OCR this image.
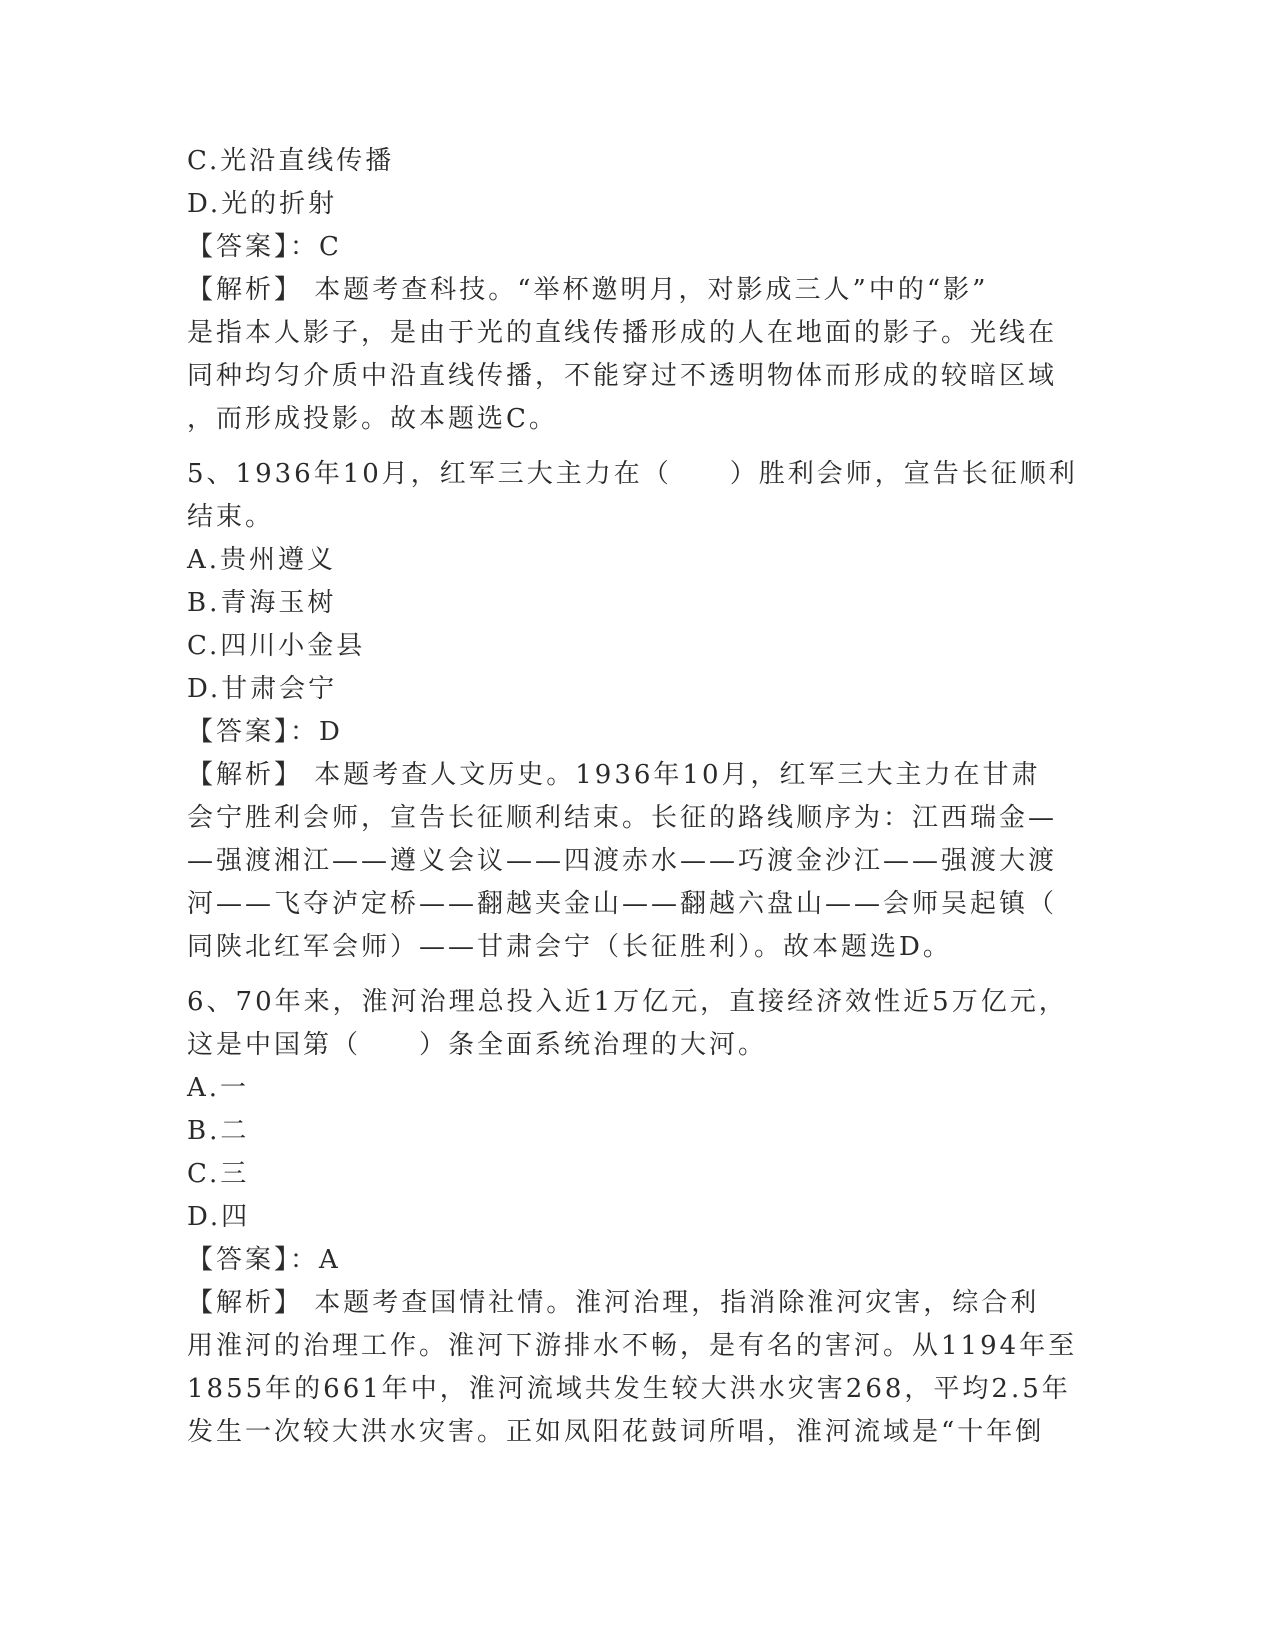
C.光沿直线传播
D.光的折射
【答案】：C
【解析】 本题考查科技。“举杯邀明月，对影成三人”中的“影”
是指本人影子，是由于光的直线传播形成的人在地面的影子。光线在
同种均匀介质中沿直线传播，不能穿过不透明物体而形成的较暗区域
，而形成投影。故本题选C。
5、1936年10月，红军三大主力在（　　）胜利会师，宣告长征顺利
结束。
A.贵州遵义
B.青海玉树
C.四川小金县
D.甘肃会宁
【答案】：D
【解析】 本题考查人文历史。1936年10月，红军三大主力在甘肃
会宁胜利会师，宣告长征顺利结束。长征的路线顺序为：江西瑞金—
—强渡湘江——遵义会议——四渡赤水——巧渡金沙江——强渡大渡
河——飞夺泸定桥——翻越夹金山——翻越六盘山——会师吴起镇（
同陕北红军会师）——甘肃会宁（长征胜利）。故本题选D。
6、70年来，淮河治理总投入近1万亿元，直接经济效性近5万亿元，
这是中国第（　　）条全面系统治理的大河。
A.一
B.二
C.三
D.四
【答案】：A
【解析】 本题考查国情社情。淮河治理，指消除淮河灾害，综合利
用淮河的治理工作。淮河下游排水不畅，是有名的害河。从1194年至
1855年的661年中，淮河流域共发生较大洪水灾害268，平均2.5年
发生一次较大洪水灾害。正如凤阳花鼓词所唱，淮河流域是“十年倒
